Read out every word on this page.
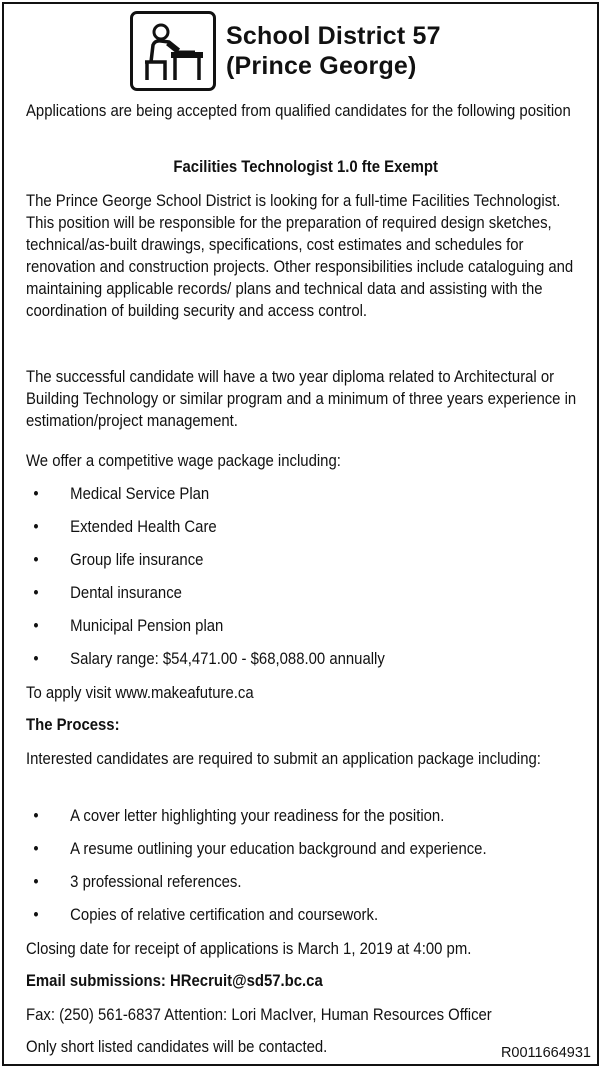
School District 57
(Prince George)

Applications are being accepted from qualified candidates for the following position

Facilities Technologist 1.0 fte Exempt

The Prince George School District is looking for a full-time Facilities Technologist. This position will be responsible for the preparation of required design sketches, technical/as-built drawings, specifications, cost estimates and schedules for renovation and construction projects. Other responsibilities include cataloguing and maintaining applicable records/ plans and technical data and assisting with the coordination of building security and access control.

The successful candidate will have a two year diploma related to Architectural or Building Technology or similar program and a minimum of three years experience in estimation/project management.

We offer a competitive wage package including:

• Medical Service Plan
• Extended Health Care
• Group life insurance
• Dental insurance
• Municipal Pension plan
• Salary range: $54,471.00 - $68,088.00 annually

To apply visit www.makeafuture.ca

The Process:

Interested candidates are required to submit an application package including:

• A cover letter highlighting your readiness for the position.
• A resume outlining your education background and experience.
• 3 professional references.
• Copies of relative certification and coursework.

Closing date for receipt of applications is March 1, 2019 at 4:00 pm.

Email submissions: HRecruit@sd57.bc.ca

Fax: (250) 561-6837 Attention: Lori MacIver, Human Resources Officer

Only short listed candidates will be contacted.	R0011664931
